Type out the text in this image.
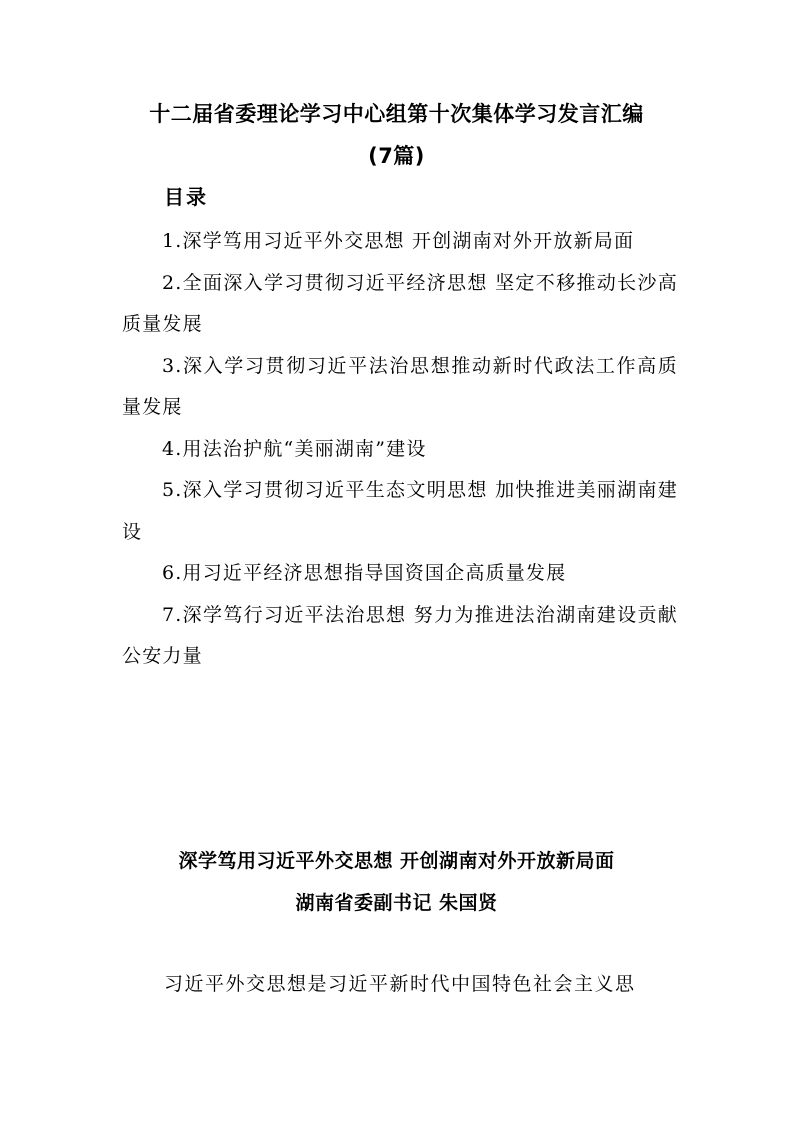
十二届省委理论学习中心组第十次集体学习发言汇编
(7篇)
目录
1.深学笃用习近平外交思想 开创湖南对外开放新局面
2.全面深入学习贯彻习近平经济思想 坚定不移推动长沙高质量发展
3.深入学习贯彻习近平法治思想推动新时代政法工作高质量发展
4.用法治护航“美丽湖南”建设
5.深入学习贯彻习近平生态文明思想 加快推进美丽湖南建设
6.用习近平经济思想指导国资国企高质量发展
7.深学笃行习近平法治思想 努力为推进法治湖南建设贡献公安力量
深学笃用习近平外交思想 开创湖南对外开放新局面
湖南省委副书记 朱国贤

习近平外交思想是习近平新时代中国特色社会主义思
